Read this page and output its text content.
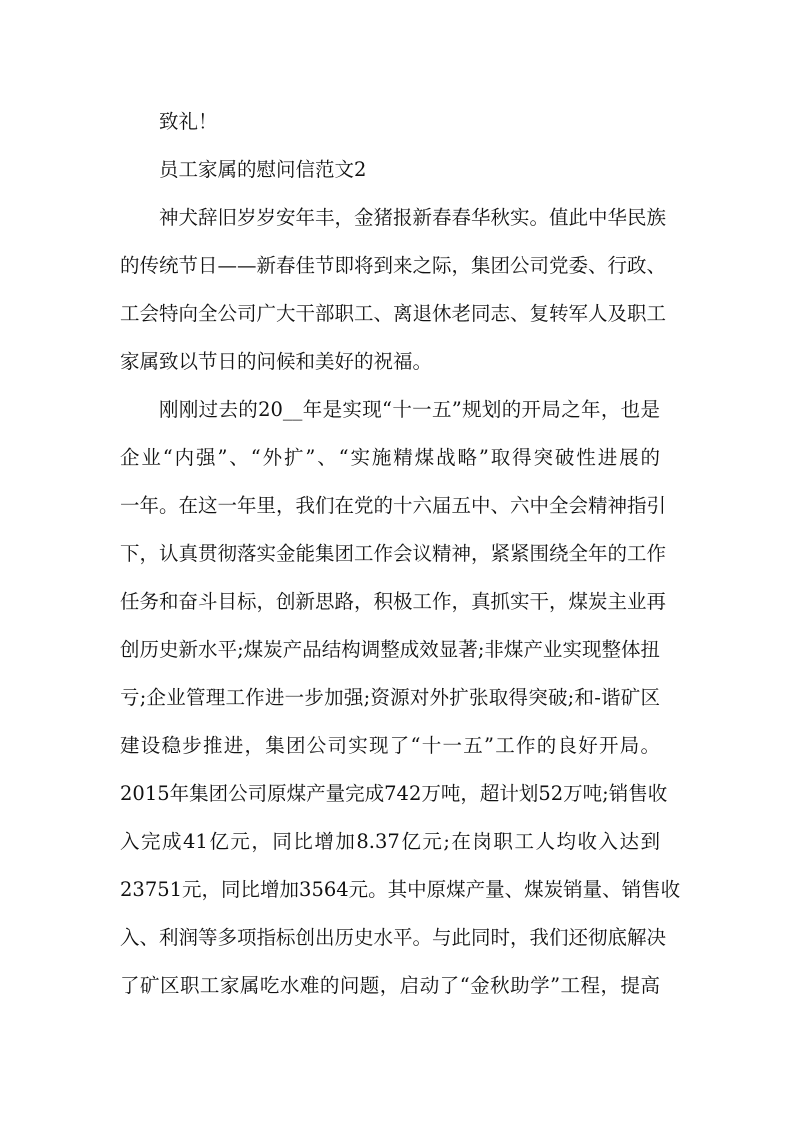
致礼！
员工家属的慰问信范文2
神犬辞旧岁岁安年丰，金猪报新春春华秋实。值此中华民族
的传统节日——新春佳节即将到来之际，集团公司党委、行政、
工会特向全公司广大干部职工、离退休老同志、复转军人及职工
家属致以节日的问候和美好的祝福。
刚刚过去的20__年是实现“十一五”规划的开局之年，也是
企业“内强”、“外扩”、“实施精煤战略”取得突破性进展的
一年。在这一年里，我们在党的十六届五中、六中全会精神指引
下，认真贯彻落实金能集团工作会议精神，紧紧围绕全年的工作
任务和奋斗目标，创新思路，积极工作，真抓实干，煤炭主业再
创历史新水平;煤炭产品结构调整成效显著;非煤产业实现整体扭
亏;企业管理工作进一步加强;资源对外扩张取得突破;和-谐矿区
建设稳步推进，集团公司实现了“十一五”工作的良好开局。
2015年集团公司原煤产量完成742万吨，超计划52万吨;销售收
入完成41亿元，同比增加8.37亿元;在岗职工人均收入达到
23751元，同比增加3564元。其中原煤产量、煤炭销量、销售收
入、利润等多项指标创出历史水平。与此同时，我们还彻底解决
了矿区职工家属吃水难的问题，启动了“金秋助学”工程，提高
